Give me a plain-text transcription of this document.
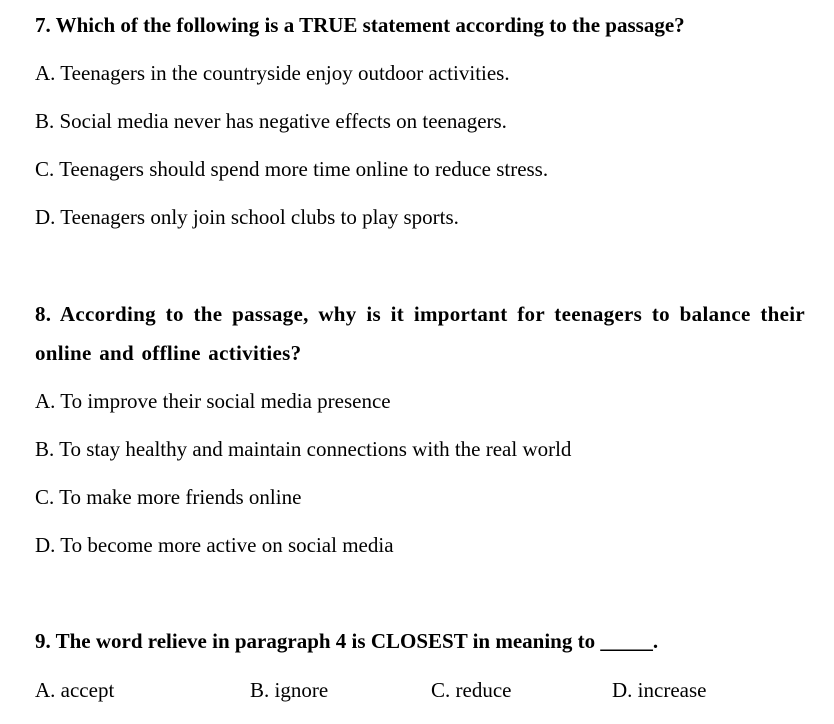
7. Which of the following is a TRUE statement according to the passage?

A. Teenagers in the countryside enjoy outdoor activities.

B. Social media never has negative effects on teenagers.

C. Teenagers should spend more time online to reduce stress.

D. Teenagers only join school clubs to play sports.

8. According to the passage, why is it important for teenagers to balance their online and offline activities?

A. To improve their social media presence

B. To stay healthy and maintain connections with the real world

C. To make more friends online

D. To become more active on social media

9. The word relieve in paragraph 4 is CLOSEST in meaning to _____.

A. accept	B. ignore	C. reduce	D. increase
